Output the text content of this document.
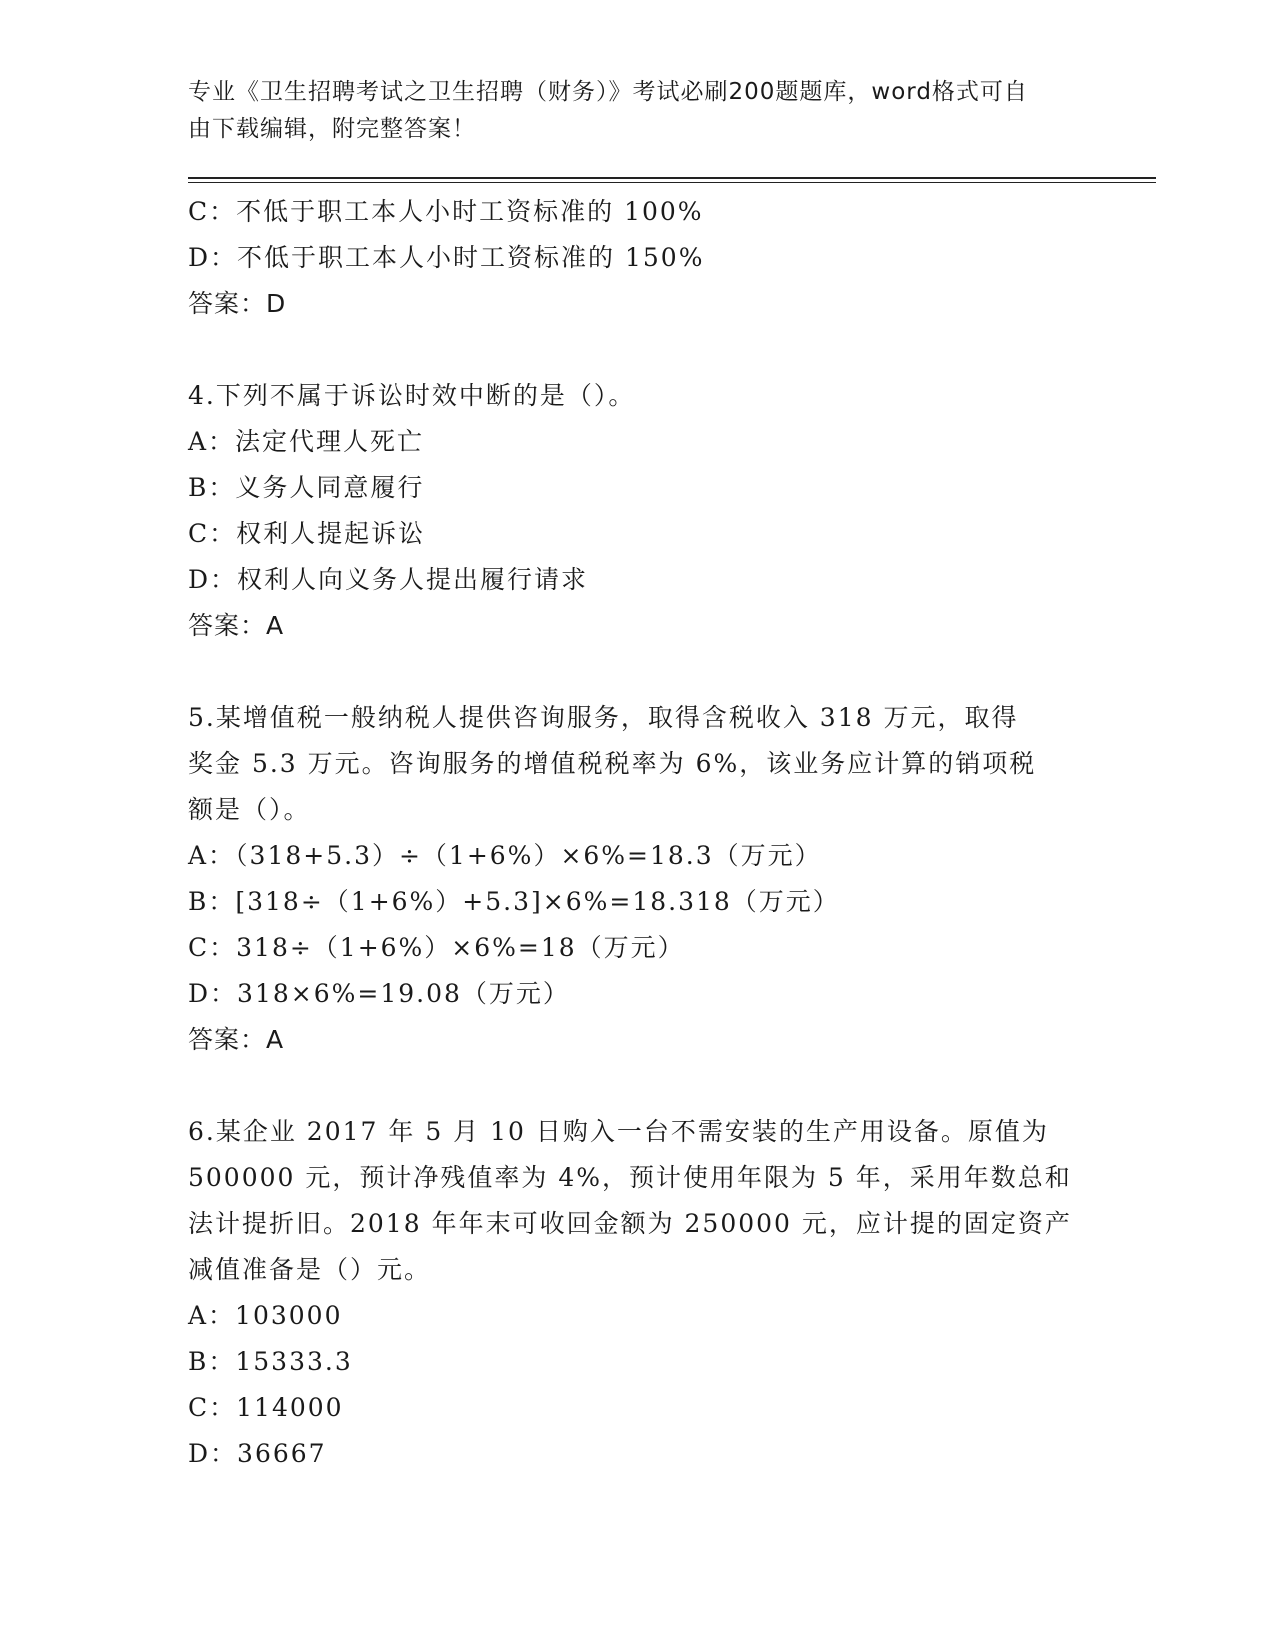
专业《卫生招聘考试之卫生招聘（财务）》考试必刷200题题库，word格式可自
由下载编辑，附完整答案！
C：不低于职工本人小时工资标准的 100%
D：不低于职工本人小时工资标准的 150%
答案：D
4.下列不属于诉讼时效中断的是（）。
A：法定代理人死亡
B：义务人同意履行
C：权利人提起诉讼
D：权利人向义务人提出履行请求
答案：A
5.某增值税一般纳税人提供咨询服务，取得含税收入 318 万元，取得
奖金 5.3 万元。咨询服务的增值税税率为 6%，该业务应计算的销项税
额是（）。
A：（318+5.3）÷（1+6%）×6%=18.3（万元）
B：[318÷（1+6%）+5.3]×6%=18.318（万元）
C：318÷（1+6%）×6%=18（万元）
D：318×6%=19.08（万元）
答案：A
6.某企业 2017 年 5 月 10 日购入一台不需安装的生产用设备。原值为
500000 元，预计净残值率为 4%，预计使用年限为 5 年，采用年数总和
法计提折旧。2018 年年末可收回金额为 250000 元，应计提的固定资产
减值准备是（）元。
A：103000
B：15333.3
C：114000
D：36667
